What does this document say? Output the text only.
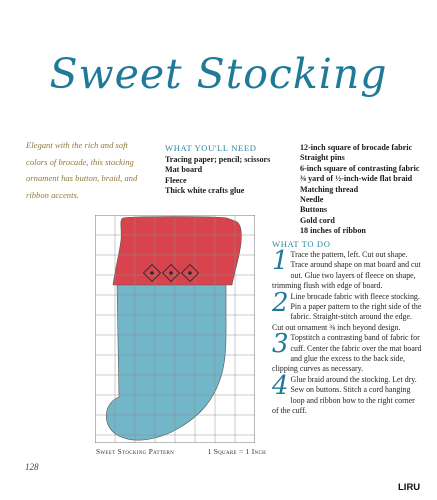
Sweet Stocking
Elegant with the rich and soft colors of brocade, this stocking ornament has button, braid, and ribbon accents.
WHAT YOU'LL NEED
Tracing paper; pencil; scissors
Mat board
Fleece
Thick white crafts glue
12-inch square of brocade fabric
Straight pins
6-inch square of contrasting fabric
⅜ yard of ½-inch-wide flat braid
Matching thread
Needle
Buttons
Gold cord
18 inches of ribbon
WHAT TO DO
1 Trace the pattern, left. Cut out shape. Trace around shape on mat board and cut out. Glue two layers of fleece on shape, trimming flush with edge of board.
2 Line brocade fabric with fleece stocking. Pin a paper pattern to the right side of the fabric. Straight-stitch around the edge. Cut out ornament ⅜ inch beyond design.
3 Topstitch a contrasting band of fabric for cuff. Center the fabric over the mat board and glue the excess to the back side, clipping curves as necessary.
4 Glue braid around the stocking. Let dry. Sew on buttons. Stitch a cord hanging loop and ribbon bow to the right corner of the cuff.
Sweet Stocking Pattern	1 Square = 1 Inch
128
LIRU
